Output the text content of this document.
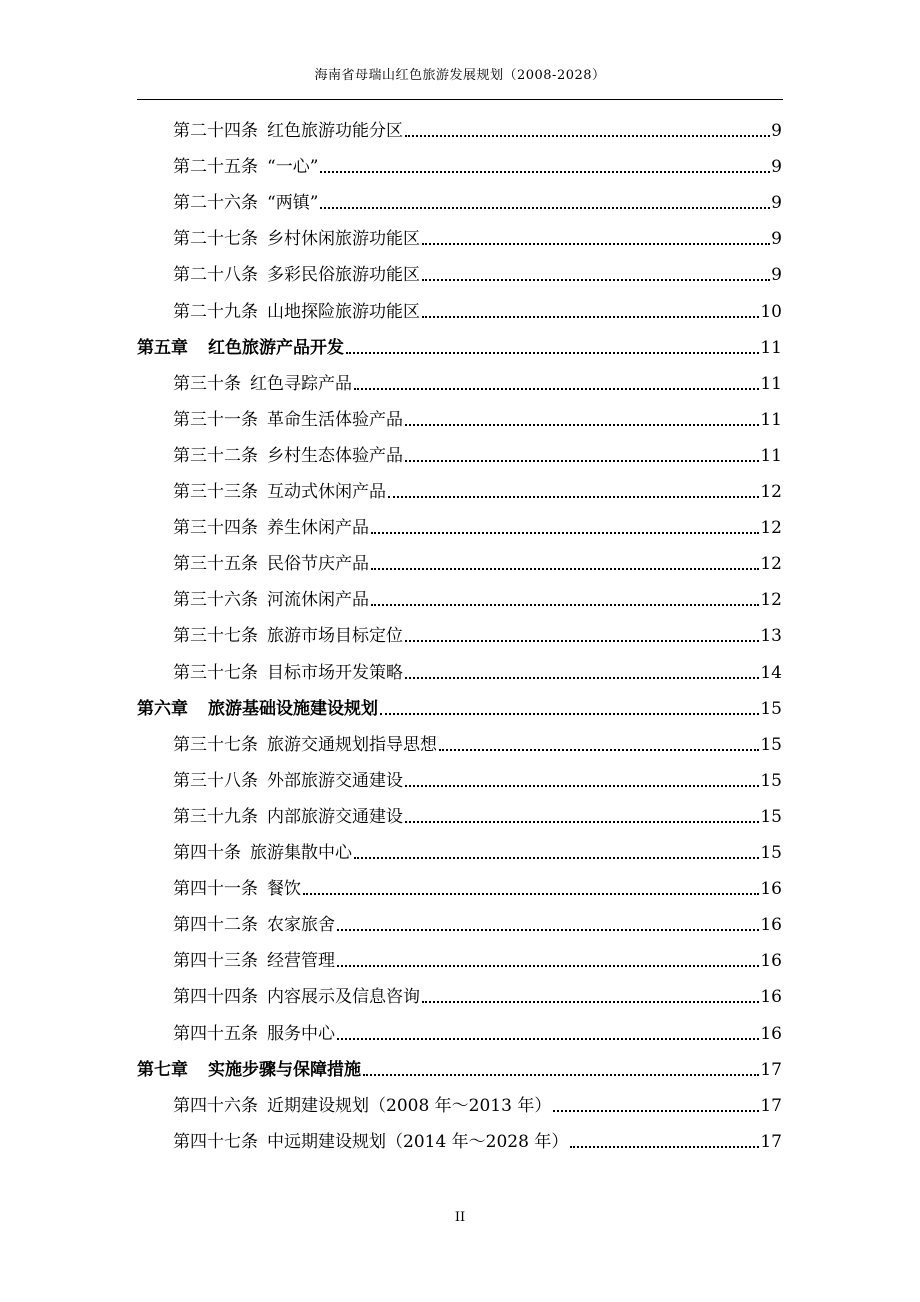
海南省母瑞山红色旅游发展规划（2008-2028）
第二十四条 红色旅游功能分区	9
第二十五条 “一心”	9
第二十六条 “两镇”	9
第二十七条 乡村休闲旅游功能区	9
第二十八条 多彩民俗旅游功能区	9
第二十九条 山地探险旅游功能区	10
第五章 红色旅游产品开发	11
第三十条 红色寻踪产品	11
第三十一条 革命生活体验产品	11
第三十二条 乡村生态体验产品	11
第三十三条 互动式休闲产品	12
第三十四条 养生休闲产品	12
第三十五条 民俗节庆产品	12
第三十六条 河流休闲产品	12
第三十七条 旅游市场目标定位	13
第三十七条 目标市场开发策略	14
第六章 旅游基础设施建设规划	15
第三十七条 旅游交通规划指导思想	15
第三十八条 外部旅游交通建设	15
第三十九条 内部旅游交通建设	15
第四十条 旅游集散中心	15
第四十一条 餐饮	16
第四十二条 农家旅舍	16
第四十三条 经营管理	16
第四十四条 内容展示及信息咨询	16
第四十五条 服务中心	16
第七章 实施步骤与保障措施	17
第四十六条 近期建设规划（2008 年～2013 年）	17
第四十七条 中远期建设规划（2014 年～2028 年）	17
II
